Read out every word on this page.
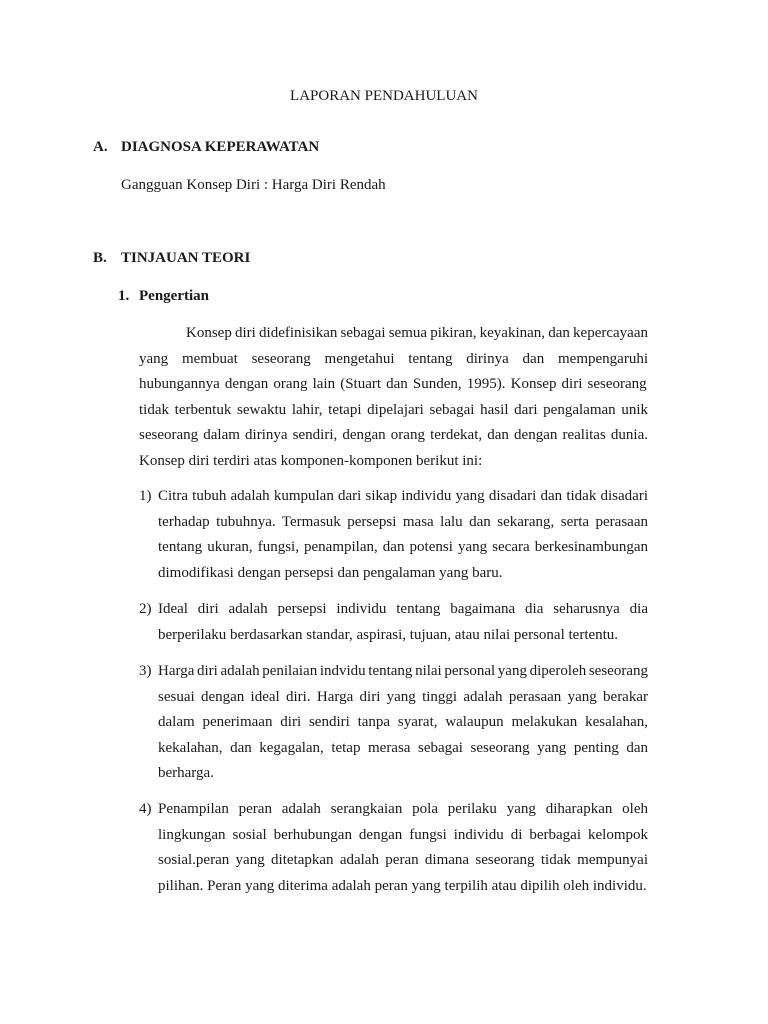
LAPORAN PENDAHULUAN
A. DIAGNOSA KEPERAWATAN
Gangguan Konsep Diri : Harga Diri Rendah
B. TINJAUAN TEORI
1. Pengertian
Konsep diri didefinisikan sebagai semua pikiran, keyakinan, dan kepercayaan
yang membuat seseorang mengetahui tentang dirinya dan mempengaruhi
hubungannya dengan orang lain (Stuart dan Sunden, 1995). Konsep diri seseorang
tidak terbentuk sewaktu lahir, tetapi dipelajari sebagai hasil dari pengalaman unik
seseorang dalam dirinya sendiri, dengan orang terdekat, dan dengan realitas dunia.
Konsep diri terdiri atas komponen-komponen berikut ini:
1) Citra tubuh adalah kumpulan dari sikap individu yang disadari dan tidak disadari
terhadap tubuhnya. Termasuk persepsi masa lalu dan sekarang, serta perasaan
tentang ukuran, fungsi, penampilan, dan potensi yang secara berkesinambungan
dimodifikasi dengan persepsi dan pengalaman yang baru.
2) Ideal diri adalah persepsi individu tentang bagaimana dia seharusnya dia
berperilaku berdasarkan standar, aspirasi, tujuan, atau nilai personal tertentu.
3) Harga diri adalah penilaian indvidu tentang nilai personal yang diperoleh seseorang
sesuai dengan ideal diri. Harga diri yang tinggi adalah perasaan yang berakar
dalam penerimaan diri sendiri tanpa syarat, walaupun melakukan kesalahan,
kekalahan, dan kegagalan, tetap merasa sebagai seseorang yang penting dan
berharga.
4) Penampilan peran adalah serangkaian pola perilaku yang diharapkan oleh
lingkungan sosial berhubungan dengan fungsi individu di berbagai kelompok
sosial.peran yang ditetapkan adalah peran dimana seseorang tidak mempunyai
pilihan. Peran yang diterima adalah peran yang terpilih atau dipilih oleh individu.
